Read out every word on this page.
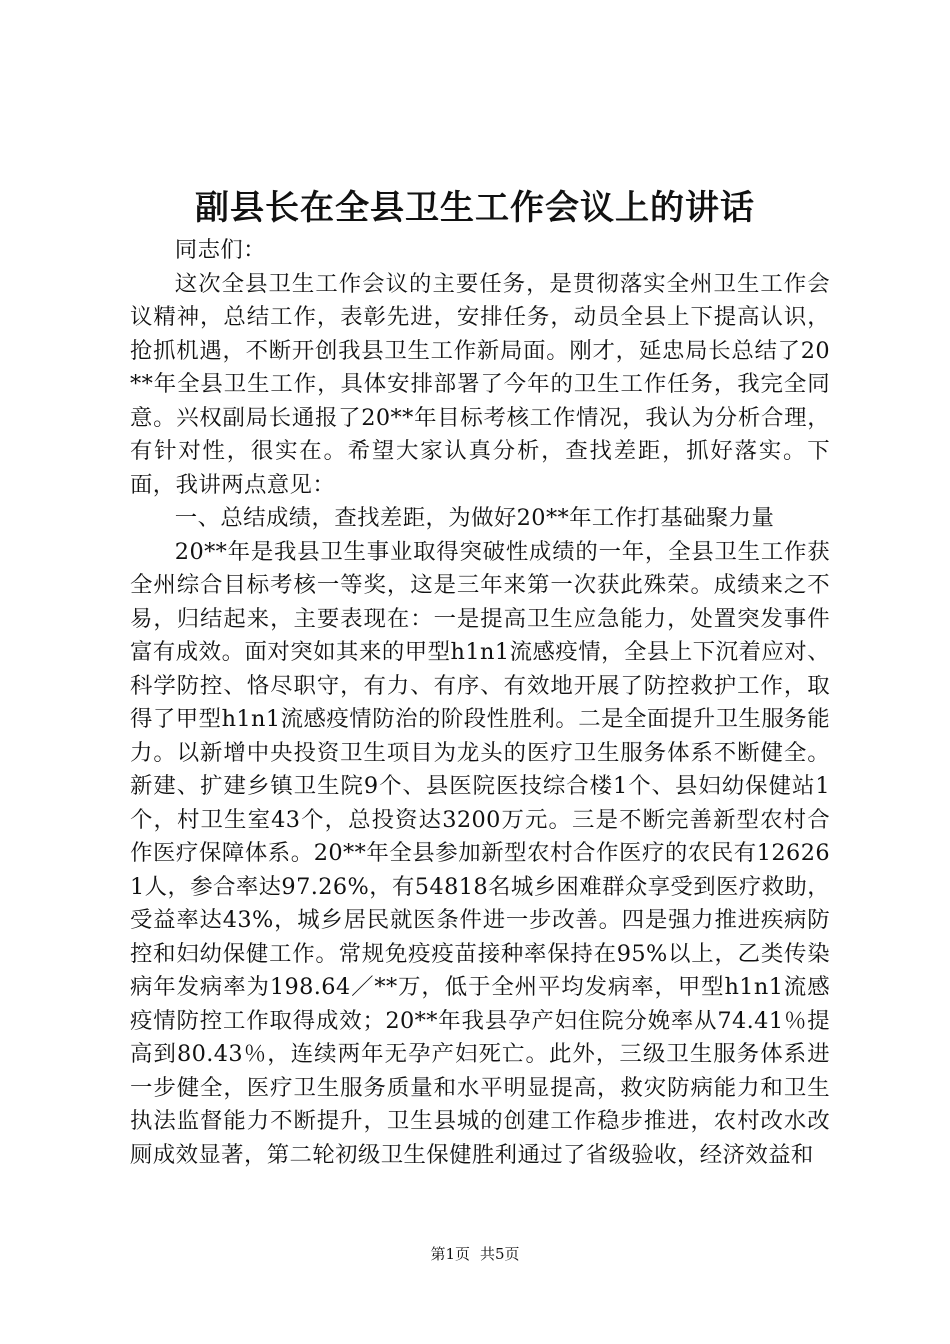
副县长在全县卫生工作会议上的讲话

同志们：

这次全县卫生工作会议的主要任务，是贯彻落实全州卫生工作会议精神，总结工作，表彰先进，安排任务，动员全县上下提高认识，抢抓机遇，不断开创我县卫生工作新局面。刚才，延忠局长总结了20**年全县卫生工作，具体安排部署了今年的卫生工作任务，我完全同意。兴权副局长通报了20**年目标考核工作情况，我认为分析合理，有针对性，很实在。希望大家认真分析，查找差距，抓好落实。下面，我讲两点意见：

一、总结成绩，查找差距，为做好20**年工作打基础聚力量

20**年是我县卫生事业取得突破性成绩的一年，全县卫生工作获全州综合目标考核一等奖，这是三年来第一次获此殊荣。成绩来之不易，归结起来，主要表现在：一是提高卫生应急能力，处置突发事件富有成效。面对突如其来的甲型h1n1流感疫情，全县上下沉着应对、科学防控、恪尽职守，有力、有序、有效地开展了防控救护工作，取得了甲型h1n1流感疫情防治的阶段性胜利。二是全面提升卫生服务能力。以新增中央投资卫生项目为龙头的医疗卫生服务体系不断健全。新建、扩建乡镇卫生院9个、县医院医技综合楼1个、县妇幼保健站1个，村卫生室43个，总投资达3200万元。三是不断完善新型农村合作医疗保障体系。20**年全县参加新型农村合作医疗的农民有126261人，参合率达97.26%，有54818名城乡困难群众享受到医疗救助，受益率达43%，城乡居民就医条件进一步改善。四是强力推进疾病防控和妇幼保健工作。常规免疫疫苗接种率保持在95%以上，乙类传染病年发病率为198.64／**万，低于全州平均发病率，甲型h1n1流感疫情防控工作取得成效；20**年我县孕产妇住院分娩率从74.41％提高到80.43％，连续两年无孕产妇死亡。此外，三级卫生服务体系进一步健全，医疗卫生服务质量和水平明显提高，救灾防病能力和卫生执法监督能力不断提升，卫生县城的创建工作稳步推进，农村改水改厕成效显著，第二轮初级卫生保健胜利通过了省级验收，经济效益和

第1页 共5页
